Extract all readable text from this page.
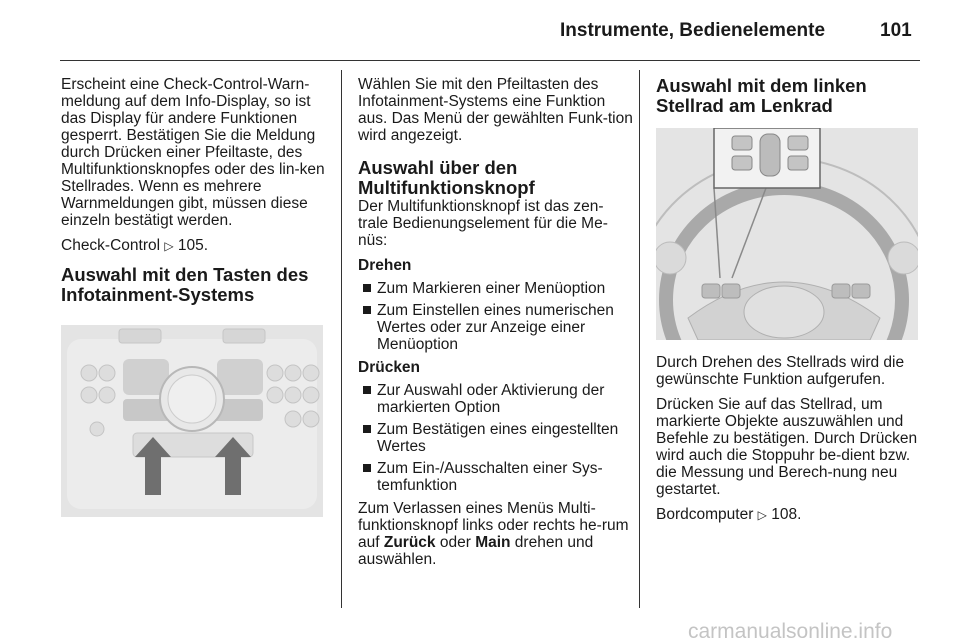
Instrumente, Bedienelemente	101

Erscheint eine Check-Control-Warn-meldung auf dem Info-Display, so ist das Display für andere Funktionen gesperrt. Bestätigen Sie die Meldung durch Drücken einer Pfeiltaste, des Multifunktionsknopfes oder des lin-ken Stellrades. Wenn es mehrere Warnmeldungen gibt, müssen diese einzeln bestätigt werden.

Check-Control ▷ 105.

Auswahl mit den Tasten des Infotainment-Systems

Wählen Sie mit den Pfeiltasten des Infotainment-Systems eine Funktion aus. Das Menü der gewählten Funk-tion wird angezeigt.

Auswahl über den Multifunktionsknopf

Der Multifunktionsknopf ist das zen-trale Bedienungselement für die Me-nüs:

Drehen
Zum Markieren einer Menüoption
Zum Einstellen eines numerischen Wertes oder zur Anzeige einer Menüoption
Drücken
Zur Auswahl oder Aktivierung der markierten Option
Zum Bestätigen eines eingestellten Wertes
Zum Ein-/Ausschalten einer Sys-temfunktion

Zum Verlassen eines Menüs Multi-funktionsknopf links oder rechts he-rum auf Zurück oder Main drehen und auswählen.

Auswahl mit dem linken Stellrad am Lenkrad

Durch Drehen des Stellrads wird die gewünschte Funktion aufgerufen.

Drücken Sie auf das Stellrad, um markierte Objekte auszuwählen und Befehle zu bestätigen. Durch Drücken wird auch die Stoppuhr be-dient bzw. die Messung und Berech-nung neu gestartet.

Bordcomputer ▷ 108.

carmanualsonline.info
